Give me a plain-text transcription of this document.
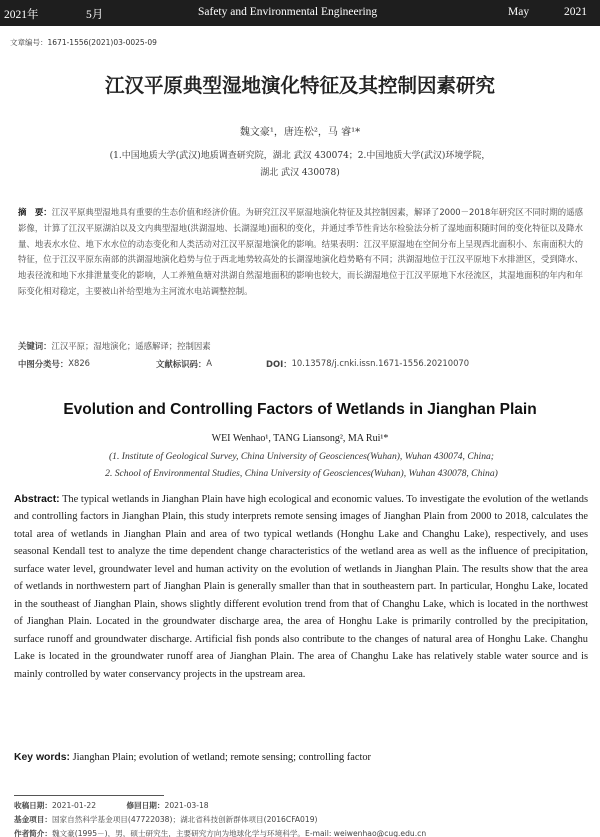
2021年	5月	Safety and Environmental Engineering	May	2021
文章编号：1671-1556(2021)03-0025-09
江汉平原典型湿地演化特征及其控制因素研究
魏文豪¹，唐连松²，马 睿¹*
(1.中国地质大学(武汉)地质调查研究院，湖北 武汉 430074；2.中国地质大学(武汉)环境学院，
湖北 武汉 430078)
摘　要：江汉平原典型湿地具有重要的生态价值和经济价值。为研究江汉平原湿地演化特征及其控制因素，解译了2000－2018年研究区不同时期的遥感影像，计算了江汉平原湖泊以及文内典型湿地(洪湖湿地、长湖湿地)面积的变化，并通过季节性肯达尔检验法分析了湿地面积随时间的变化特征以及降水量、地表水水位、地下水水位的动态变化和人类活动对江汉平原湿地演化的影响。结果表明：江汉平原湿地在空间分布上呈现西北面积小、东南面积大的特征，位于江汉平原东南部的洪湖湿地演化趋势与位于西北地势较高处的长湖湿地演化趋势略有不同；洪湖湿地位于江汉平原地下水排泄区，受到降水、地表径流和地下水排泄量变化的影响，人工养殖鱼塘对洪湖自然湿地面积的影响也较大，而长湖湿地位于江汉平原地下水径流区，其湿地面积的年内和年际变化相对稳定，主要被山补给型地为主河流水电站调整控制。
关键词：江汉平原；湿地演化；遥感解译；控制因素
中图分类号： X826	文献标识码： A	DOI： 10.13578/j.cnki.issn.1671-1556.20210070
Evolution and Controlling Factors of Wetlands in Jianghan Plain
WEI Wenhao¹, TANG Liansong², MA Rui¹*
(1. Institute of Geological Survey, China University of Geosciences(Wuhan), Wuhan 430074, China;
2. School of Environmental Studies, China University of Geosciences(Wuhan), Wuhan 430078, China)
Abstract: The typical wetlands in Jianghan Plain have high ecological and economic values. To investigate the evolution of the wetlands and controlling factors in Jianghan Plain, this study interprets remote sensing images of Jianghan Plain from 2000 to 2018, calculates the total area of wetlands in Jianghan Plain and area of two typical wetlands (Honghu Lake and Changhu Lake), respectively, and uses seasonal Kendall test to analyze the time dependent change characteristics of the wetland area as well as the influence of precipitation, surface water level, groundwater level and human activity on the evolution of wetlands in Jianghan Plain. The results show that the area of wetlands in northwestern part of Jianghan Plain is generally smaller than that in southeastern part. In particular, Honghu Lake, located in the southeast of Jianghan Plain, shows slightly different evolution trend from that of Changhu Lake, which is located in the northwest of Jianghan Plain. Located in the groundwater discharge area, the area of Honghu Lake is primarily controlled by the precipitation, surface runoff and groundwater discharge. Artificial fish ponds also contribute to the changes of natural area of Honghu Lake. Changhu Lake is located in the groundwater runoff area of Jianghan Plain. The area of Changhu Lake has relatively stable water source and is mainly controlled by water conservancy projects in the upstream area.
Key words: Jianghan Plain; evolution of wetland; remote sensing; controlling factor
收稿日期：2021-01-22	修回日期：2021-03-18
基金项目：国家自然科学基金项目(47722038)；湖北省科技创新群体项目(2016CFA019)
作者简介：魏文豪(1995－)，男，硕士研究生，主要研究方向为地球化学与环境科学。E-mail: weiwenhao@cug.edu.cn
